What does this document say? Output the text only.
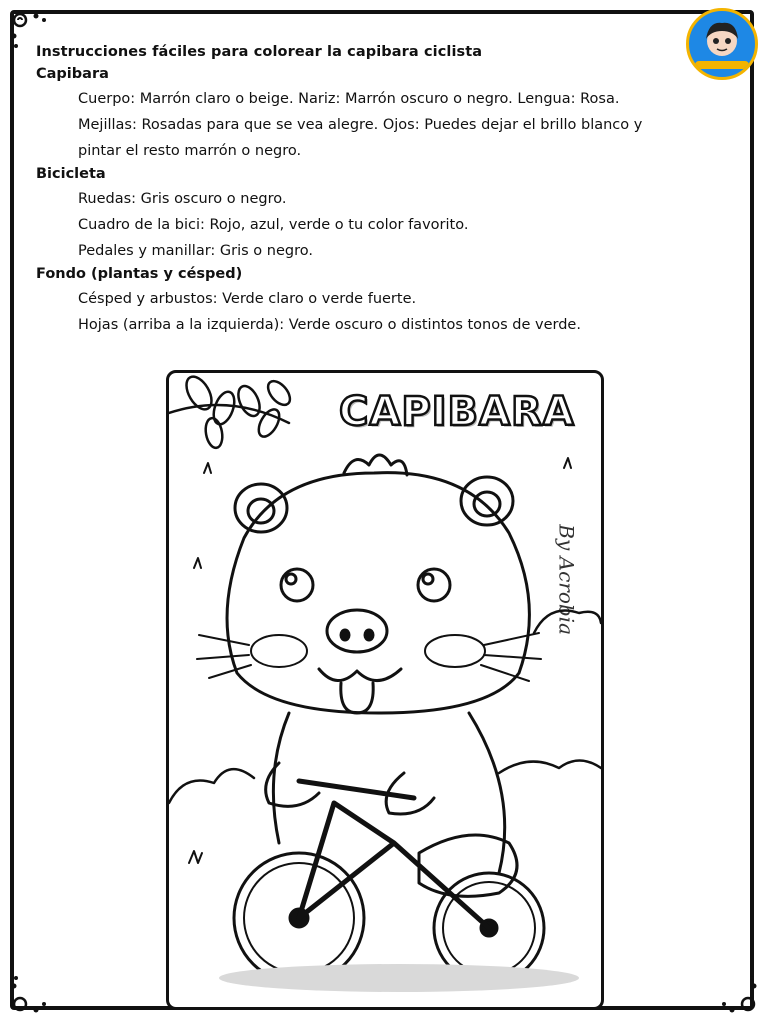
Instrucciones fáciles para colorear la capibara ciclista
Capibara
Cuerpo: Marrón claro o beige. Nariz: Marrón oscuro o negro. Lengua: Rosa.
Mejillas: Rosadas para que se vea alegre. Ojos: Puedes dejar el brillo blanco y
pintar el resto marrón o negro.
Bicicleta
Ruedas: Gris oscuro o negro.
Cuadro de la bici: Rojo, azul, verde o tu color favorito.
Pedales y manillar: Gris o negro.
Fondo (plantas y césped)
Césped y arbustos: Verde claro o verde fuerte.
Hojas (arriba a la izquierda): Verde oscuro o distintos tonos de verde.
CAPIBARA
By Acrobia
